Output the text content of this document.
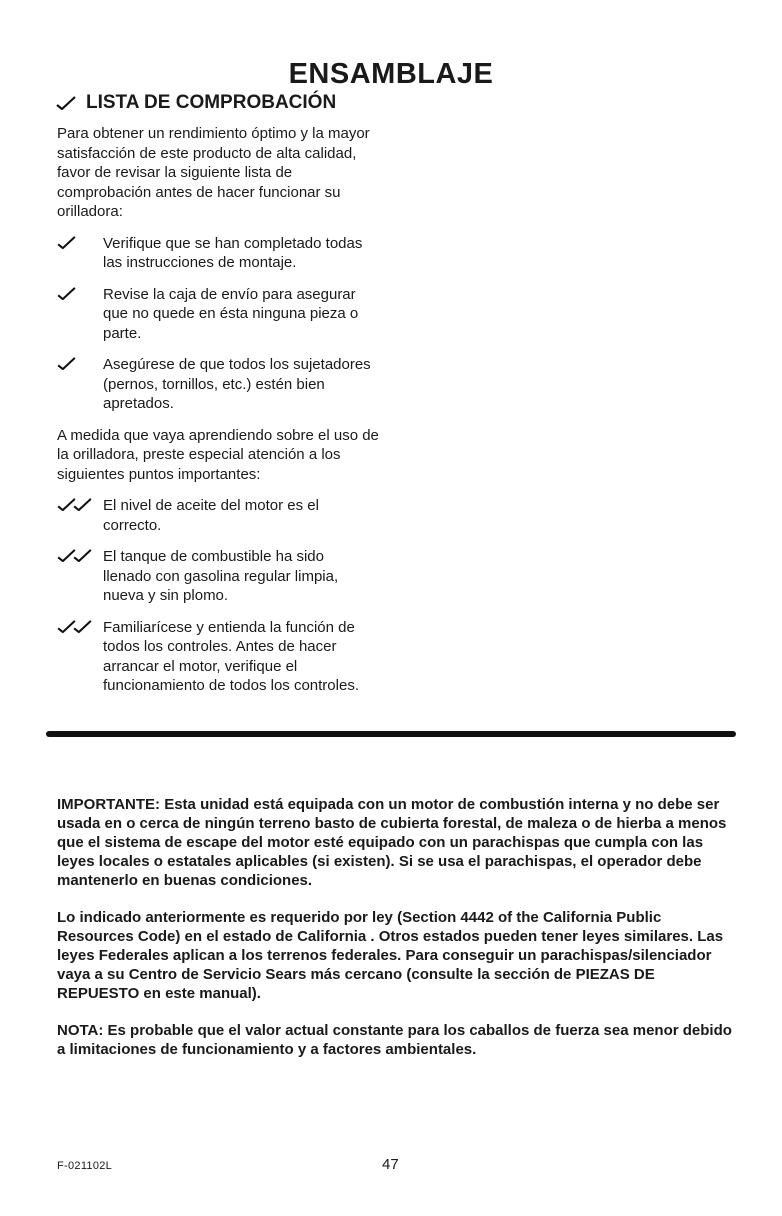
ENSAMBLAJE
LISTA DE COMPROBACIÓN

Para obtener un rendimiento óptimo y la mayor satisfacción de este producto de alta calidad, favor de revisar la siguiente lista de comprobación antes de hacer funcionar su orilladora:

Verifique que se han completado todas las instrucciones de montaje.
Revise la caja de envío para asegurar que no quede en ésta ninguna pieza o parte.
Asegúrese de que todos los sujetadores (pernos, tornillos, etc.) estén bien apretados.

A medida que vaya aprendiendo sobre el uso de la orilladora, preste especial atención a los siguientes puntos importantes:

El nivel de aceite del motor es el correcto.
El tanque de combustible ha sido llenado con gasolina regular limpia, nueva y sin plomo.
Familiarícese y entienda la función de todos los controles. Antes de hacer arrancar el motor, verifique el funcionamiento de todos los controles.

IMPORTANTE: Esta unidad está equipada con un motor de combustión interna y no debe ser usada en o cerca de ningún terreno basto de cubierta forestal, de maleza o de hierba a menos que el sistema de escape del motor esté equipado con un parachispas que cumpla con las leyes locales o estatales aplicables (si existen). Si se usa el parachispas, el operador debe mantenerlo en buenas condiciones.

Lo indicado anteriormente es requerido por ley (Section 4442 of the California Public Resources Code) en el estado de California . Otros estados pueden tener leyes similares. Las leyes Federales aplican a los terrenos federales. Para conseguir un parachispas/silenciador vaya a su Centro de Servicio Sears más cercano (consulte la sección de PIEZAS DE REPUESTO en este manual).

NOTA: Es probable que el valor actual constante para los caballos de fuerza sea menor debido a limitaciones de funcionamiento y a factores ambientales.

F-021102L	47
